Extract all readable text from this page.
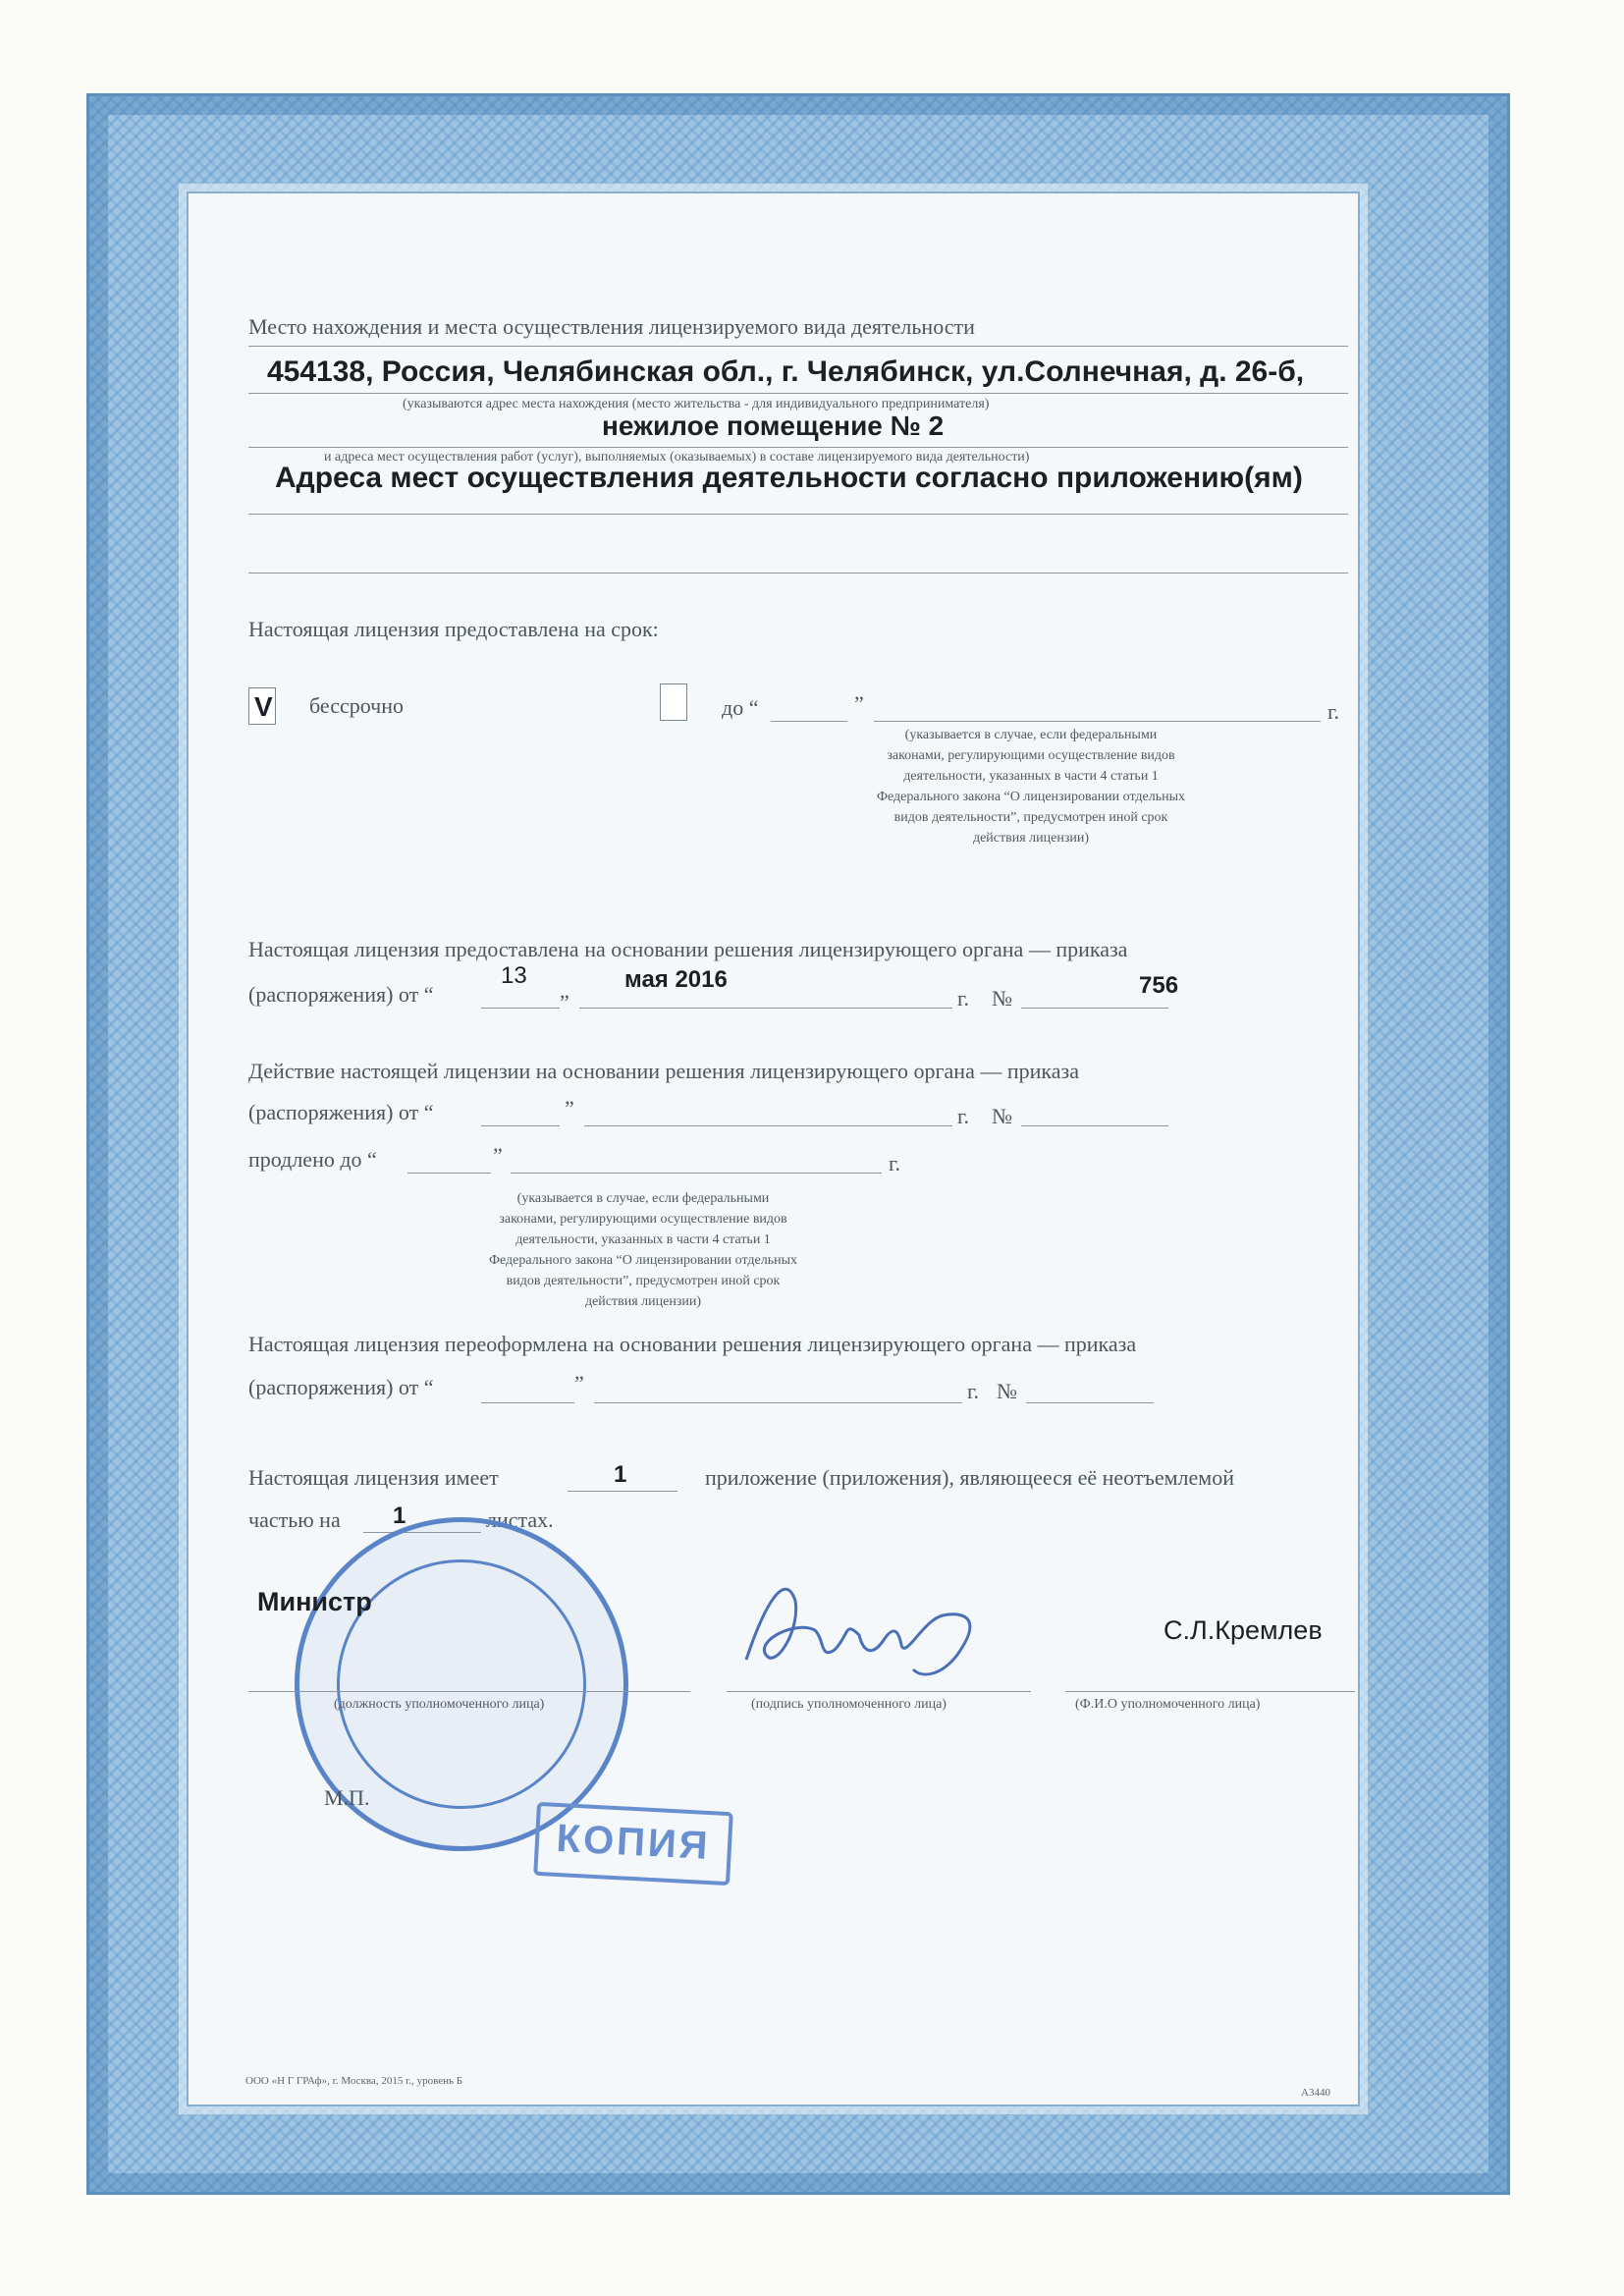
Место нахождения и места осуществления лицензируемого вида деятельности
454138, Россия, Челябинская обл., г. Челябинск, ул.Солнечная, д. 26-б,
(указываются адрес места нахождения (место жительства - для индивидуального предпринимателя)
нежилое помещение № 2
и адреса мест осуществления работ (услуг), выполняемых (оказываемых) в составе лицензируемого вида деятельности)
Адреса мест осуществления деятельности согласно приложению(ям)
Настоящая лицензия предоставлена на срок:
V бессрочно	до “	”	г.
(указывается в случае, если федеральными
законами, регулирующими осуществление видов
деятельности, указанных в части 4 статьи 1
Федерального закона “О лицензировании отдельных
видов деятельности”, предусмотрен иной срок
действия лицензии)
Настоящая лицензия предоставлена на основании решения лицензирующего органа — приказа
(распоряжения) от “
13
„ мая 2016
г. №	756
Действие настоящей лицензии на основании решения лицензирующего органа — приказа
(распоряжения) от “	”	г. №
продлено до “	”	г.
(указывается в случае, если федеральными
законами, регулирующими осуществление видов
деятельности, указанных в части 4 статьи 1
Федерального закона “О лицензировании отдельных
видов деятельности”, предусмотрен иной срок
действия лицензии)
Настоящая лицензия переоформлена на основании решения лицензирующего органа — приказа
(распоряжения) от “	”	г. №
Настоящая лицензия имеет	1	приложение (приложения), являющееся её неотъемлемой
частью на 1	листах.
Министр
(должность уполномоченного лица)	(подпись уполномоченного лица)
С.Л.Кремлев
(Ф.И.О уполномоченного лица)
М.П.
КОПИЯ
ООО «Н Г ГРАф», г. Москва, 2015 г., уровень Б
А3440
